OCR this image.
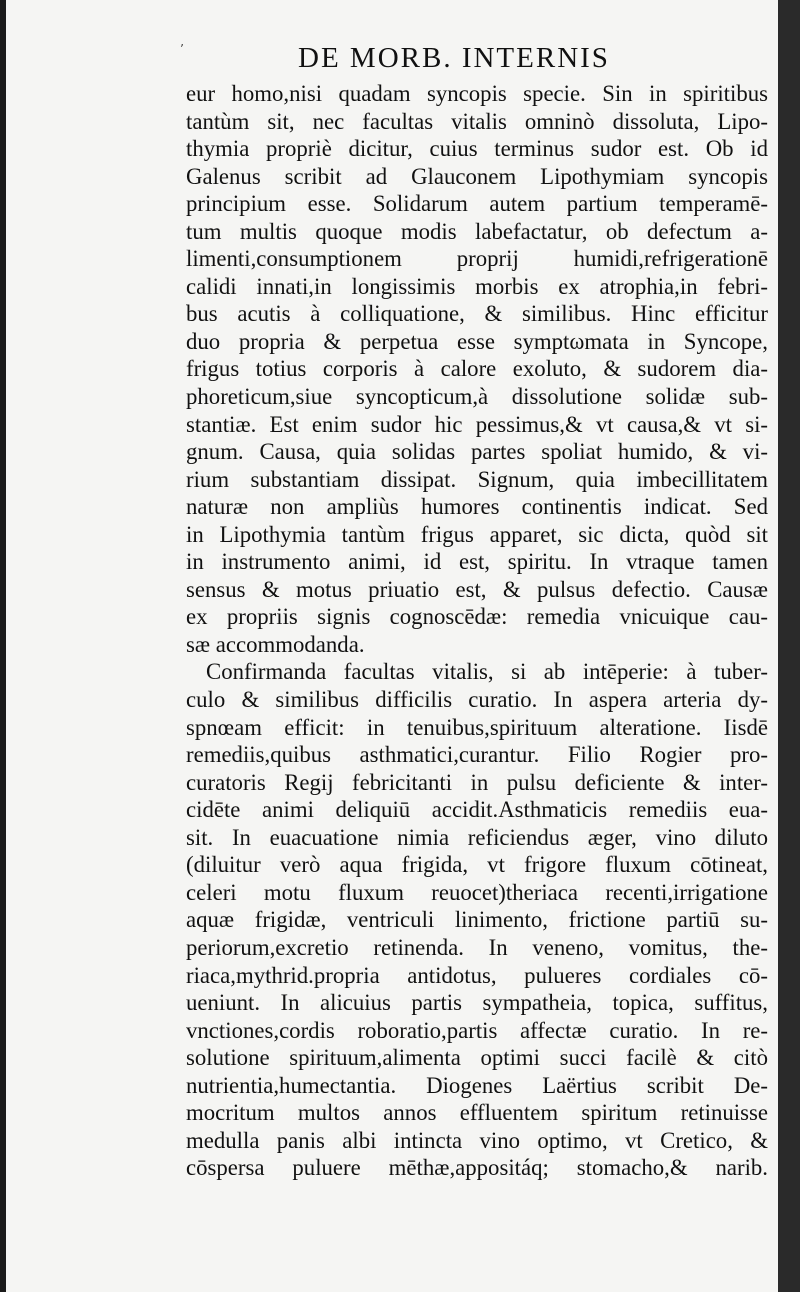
’	DE MORB. INTERNIS
eur homo,nisi quadam syncopis specie. Sin in spiritibus
tantùm sit, nec facultas vitalis omninò dissoluta, Lipo-
thymia propriè dicitur, cuius terminus sudor est. Ob id
Galenus scribit ad Glauconem Lipothymiam syncopis
principium esse. Solidarum autem partium temperamē-
tum multis quoque modis labefactatur, ob defectum a-
limenti,consumptionem proprij humidi,refrigerationē
calidi innati,in longissimis morbis ex atrophia,in febri-
bus acutis à colliquatione, & similibus. Hinc efficitur
duo propria & perpetua esse symptωmata in Syncope,
frigus totius corporis à calore exoluto, & sudorem dia-
phoreticum,siue syncopticum,à dissolutione solidæ sub-
stantiæ. Est enim sudor hic pessimus,& vt causa,& vt si-
gnum. Causa, quia solidas partes spoliat humido, & vi-
rium substantiam dissipat. Signum, quia imbecillitatem
naturæ non ampliùs humores continentis indicat. Sed
in Lipothymia tantùm frigus apparet, sic dicta, quòd sit
in instrumento animi, id est, spiritu. In vtraque tamen
sensus & motus priuatio est, & pulsus defectio. Causæ
ex propriis signis cognoscēdæ: remedia vnicuique cau-
sæ accommodanda.
Confirmanda facultas vitalis, si ab intēperie: à tuber-
culo & similibus difficilis curatio. In aspera arteria dy-
spnœam efficit: in tenuibus,spirituum alteratione. Iisdē
remediis,quibus asthmatici,curantur. Filio Rogier pro-
curatoris Regij febricitanti in pulsu deficiente & inter-
cidēte animi deliquiū accidit.Asthmaticis remediis eua-
sit. In euacuatione nimia reficiendus æger, vino diluto
(diluitur verò aqua frigida, vt frigore fluxum cōtineat,
celeri motu fluxum reuocet)theriaca recenti,irrigatione
aquæ frigidæ, ventriculi linimento, frictione partiū su-
periorum,excretio retinenda. In veneno, vomitus, the-
riaca,mythrid.propria antidotus, pulueres cordiales cō-
ueniunt. In alicuius partis sympatheia, topica, suffitus,
vnctiones,cordis roboratio,partis affectæ curatio. In re-
solutione spirituum,alimenta optimi succi facilè & citò
nutrientia,humectantia. Diogenes Laërtius scribit De-
mocritum multos annos effluentem spiritum retinuisse
medulla panis albi intincta vino optimo, vt Cretico, &
cōspersa puluere mēthæ,appositáq; stomacho,& narib.
